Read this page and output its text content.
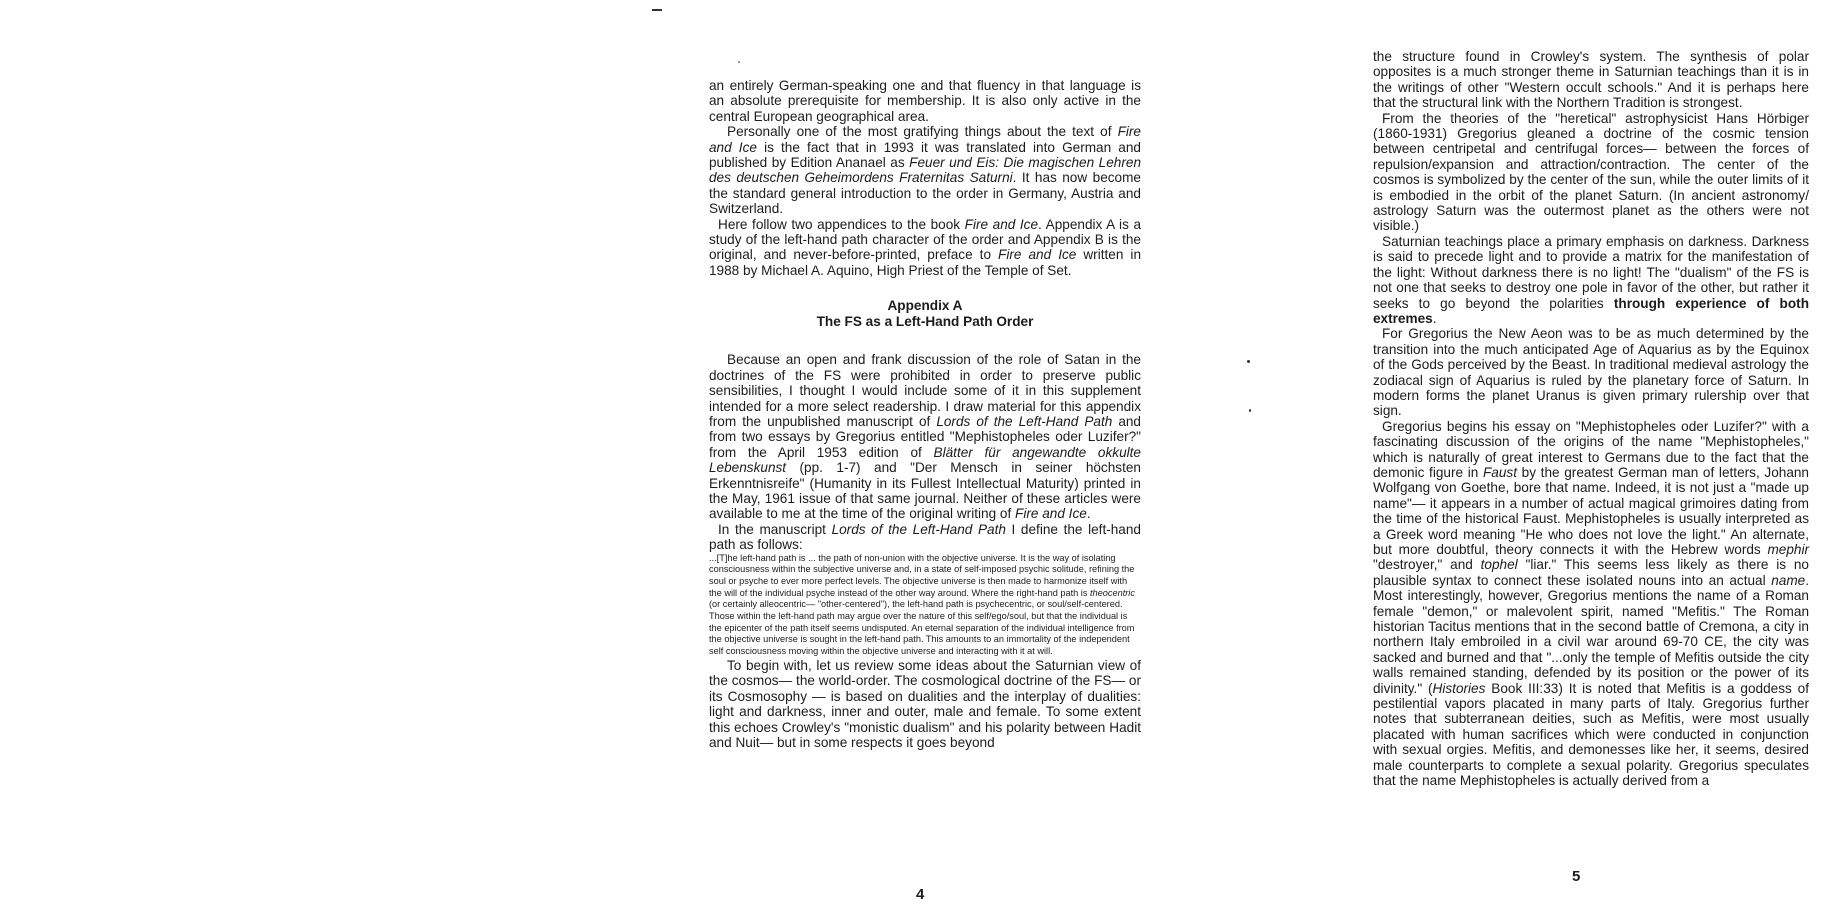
an entirely German-speaking one and that fluency in that language is an absolute prerequisite for membership. It is also only active in the central European geographical area.

Personally one of the most gratifying things about the text of Fire and Ice is the fact that in 1993 it was translated into German and published by Edition Ananael as Feuer und Eis: Die magischen Lehren des deutschen Geheimordens Fraternitas Saturni. It has now become the standard general introduction to the order in Germany, Austria and Switzerland.

Here follow two appendices to the book Fire and Ice. Appendix A is a study of the left-hand path character of the order and Appendix B is the original, and never-before-printed, preface to Fire and Ice written in 1988 by Michael A. Aquino, High Priest of the Temple of Set.

Appendix A
The FS as a Left-Hand Path Order

Because an open and frank discussion of the role of Satan in the doctrines of the FS were prohibited in order to preserve public sensibilities, I thought I would include some of it in this supplement intended for a more select readership. I draw material for this appendix from the unpublished manuscript of Lords of the Left-Hand Path and from two essays by Gregorius entitled "Mephistopheles oder Luzifer?" from the April 1953 edition of Blätter für angewandte okkulte Lebenskunst (pp. 1-7) and "Der Mensch in seiner höchsten Erkenntnisreife" (Humanity in its Fullest Intellectual Maturity) printed in the May, 1961 issue of that same journal. Neither of these articles were available to me at the time of the original writing of Fire and Ice.

In the manuscript Lords of the Left-Hand Path I define the left-hand path as follows:

...[T]he left-hand path is ... the path of non-union with the objective universe. It is the way of isolating consciousness within the subjective universe and, in a state of self-imposed psychic solitude, refining the soul or psyche to ever more perfect levels. The objective universe is then made to harmonize itself with the will of the individual psyche instead of the other way around. Where the right-hand path is theocentric (or certainly alleocentric— "other-centered"), the left-hand path is psychecentric, or soul/self-centered. Those within the left-hand path may argue over the nature of this self/ego/soul, but that the individual is the epicenter of the path itself seems undisputed. An eternal separation of the individual intelligence from the objective universe is sought in the left-hand path. This amounts to an immortality of the independent self consciousness moving within the objective universe and interacting with it at will.

To begin with, let us review some ideas about the Saturnian view of the cosmos— the world-order. The cosmological doctrine of the FS— or its Cosmosophy — is based on dualities and the interplay of dualities: light and darkness, inner and outer, male and female. To some extent this echoes Crowley's "monistic dualism" and his polarity between Hadit and Nuit— but in some respects it goes beyond

4

the structure found in Crowley's system. The synthesis of polar opposites is a much stronger theme in Saturnian teachings than it is in the writings of other "Western occult schools." And it is perhaps here that the structural link with the Northern Tradition is strongest.

From the theories of the "heretical" astrophysicist Hans Hörbiger (1860-1931) Gregorius gleaned a doctrine of the cosmic tension between centripetal and centrifugal forces— between the forces of repulsion/expansion and attraction/contraction. The center of the cosmos is symbolized by the center of the sun, while the outer limits of it is embodied in the orbit of the planet Saturn. (In ancient astronomy/ astrology Saturn was the outermost planet as the others were not visible.)

Saturnian teachings place a primary emphasis on darkness. Darkness is said to precede light and to provide a matrix for the manifestation of the light: Without darkness there is no light! The "dualism" of the FS is not one that seeks to destroy one pole in favor of the other, but rather it seeks to go beyond the polarities through experience of both extremes.

For Gregorius the New Aeon was to be as much determined by the transition into the much anticipated Age of Aquarius as by the Equinox of the Gods perceived by the Beast. In traditional medieval astrology the zodiacal sign of Aquarius is ruled by the planetary force of Saturn. In modern forms the planet Uranus is given primary rulership over that sign.

Gregorius begins his essay on "Mephistopheles oder Luzifer?" with a fascinating discussion of the origins of the name "Mephistopheles," which is naturally of great interest to Germans due to the fact that the demonic figure in Faust by the greatest German man of letters, Johann Wolfgang von Goethe, bore that name. Indeed, it is not just a "made up name"— it appears in a number of actual magical grimoires dating from the time of the historical Faust. Mephistopheles is usually interpreted as a Greek word meaning "He who does not love the light." An alternate, but more doubtful, theory connects it with the Hebrew words mephir "destroyer," and tophel "liar." This seems less likely as there is no plausible syntax to connect these isolated nouns into an actual name. Most interestingly, however, Gregorius mentions the name of a Roman female "demon," or malevolent spirit, named "Mefitis." The Roman historian Tacitus mentions that in the second battle of Cremona, a city in northern Italy embroiled in a civil war around 69-70 CE, the city was sacked and burned and that "...only the temple of Mefitis outside the city walls remained standing, defended by its position or the power of its divinity." (Histories Book III:33) It is noted that Mefitis is a goddess of pestilential vapors placated in many parts of Italy. Gregorius further notes that subterranean deities, such as Mefitis, were most usually placated with human sacrifices which were conducted in conjunction with sexual orgies. Mefitis, and demonesses like her, it seems, desired male counterparts to complete a sexual polarity. Gregorius speculates that the name Mephistopheles is actually derived from a

5
